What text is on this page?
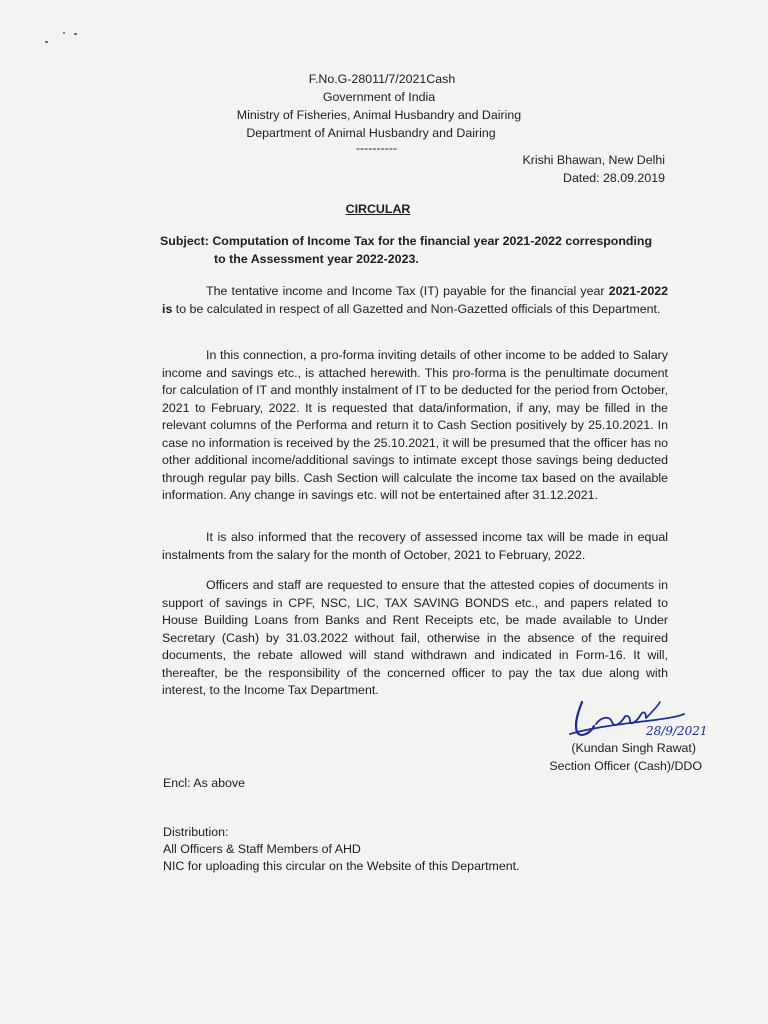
F.No.G-28011/7/2021Cash
Government of India
Ministry of Fisheries, Animal Husbandry and Dairing
Department of Animal Husbandry and Dairing
----------
Krishi Bhawan, New Delhi
Dated: 28.09.2019
CIRCULAR
Subject: Computation of Income Tax for the financial year 2021-2022 corresponding
to the Assessment year 2022-2023.

The tentative income and Income Tax (IT) payable for the financial year 2021-2022 is to be calculated in respect of all Gazetted and Non-Gazetted officials of this Department.

In this connection, a pro-forma inviting details of other income to be added to Salary income and savings etc., is attached herewith. This pro-forma is the penultimate document for calculation of IT and monthly instalment of IT to be deducted for the period from October, 2021 to February, 2022. It is requested that data/information, if any, may be filled in the relevant columns of the Performa and return it to Cash Section positively by 25.10.2021. In case no information is received by the 25.10.2021, it will be presumed that the officer has no other additional income/additional savings to intimate except those savings being deducted through regular pay bills. Cash Section will calculate the income tax based on the available information. Any change in savings etc. will not be entertained after 31.12.2021.

It is also informed that the recovery of assessed income tax will be made in equal instalments from the salary for the month of October, 2021 to February, 2022.

Officers and staff are requested to ensure that the attested copies of documents in support of savings in CPF, NSC, LIC, TAX SAVING BONDS etc., and papers related to House Building Loans from Banks and Rent Receipts etc, be made available to Under Secretary (Cash) by 31.03.2022 without fail, otherwise in the absence of the required documents, the rebate allowed will stand withdrawn and indicated in Form-16. It will, thereafter, be the responsibility of the concerned officer to pay the tax due along with interest, to the Income Tax Department.

28/9/2021
(Kundan Singh Rawat)
Section Officer (Cash)/DDO
Encl: As above
Distribution:
All Officers & Staff Members of AHD
NIC for uploading this circular on the Website of this Department.
